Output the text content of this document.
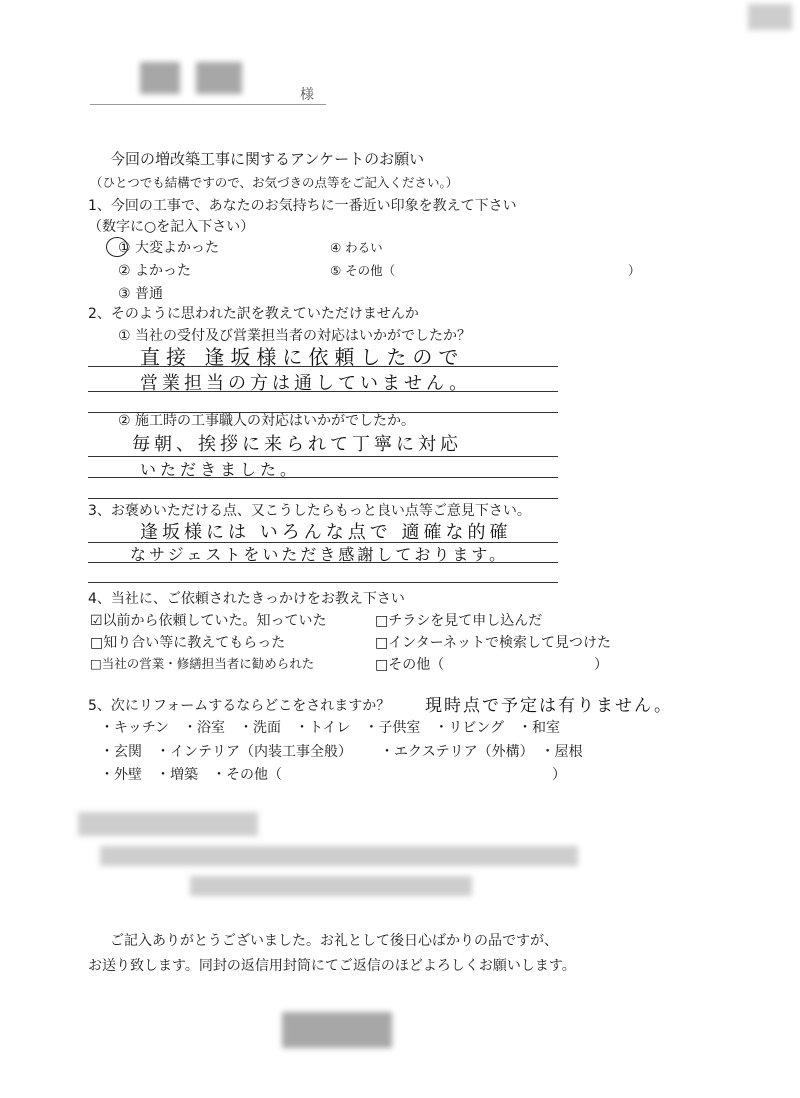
様
今回の増改築工事に関するアンケートのお願い
（ひとつでも結構ですので、お気づきの点等をご記入ください。）
1、今回の工事で、あなたのお気持ちに一番近い印象を教えて下さい
（数字に○を記入下さい）
① 大変よかった
② よかった
③ 普通
④ わるい
⑤ その他（	）
2、そのように思われた訳を教えていただけませんか
① 当社の受付及び営業担当者の対応はいかがでしたか？
直接 逢坂様に依頼したので
営業担当の方は通していません。
② 施工時の工事職人の対応はいかがでしたか。
毎朝、挨拶に来られて丁寧に対応
いただきました。
3、お褒めいただける点、又こうしたらもっと良い点等ご意見下さい。
逢坂様には いろんな点で 適確な的確
なサジェストをいただき感謝しております。
4、当社に、ご依頼されたきっかけをお教え下さい
☑以前から依頼していた。知っていた	□チラシを見て申し込んだ
□知り合い等に教えてもらった	□インターネットで検索して見つけた
□当社の営業・修繕担当者に勧められた	□その他（	）
5、次にリフォームするならどこをされますか？ 現時点で予定は有りません。
・キッチン　・浴室　・洗面　・トイレ　・子供室　・リビング　・和室
・玄関　・インテリア（内装工事全般） ・エクステリア（外構）　・屋根
・外壁　・増築　・その他（	）
ご記入ありがとうございました。お礼として後日心ばかりの品ですが、
お送り致します。同封の返信用封筒にてご返信のほどよろしくお願いします。
